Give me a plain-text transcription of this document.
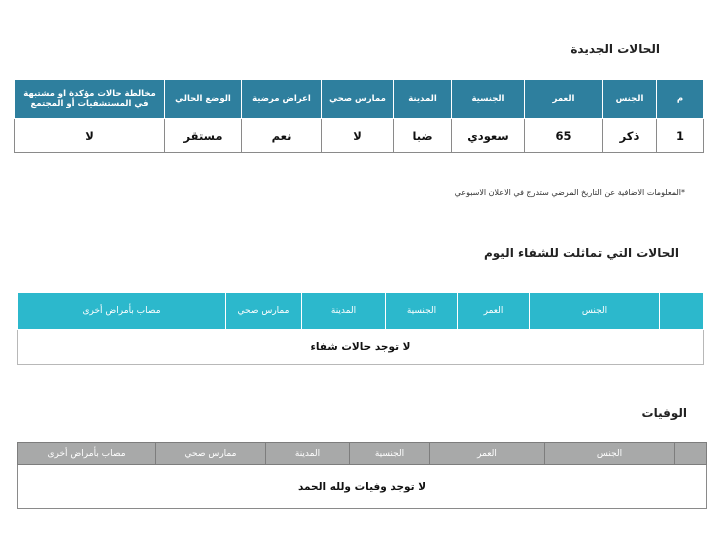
الحالات الجديدة
م	الجنس	العمر	الجنسية	المدينة	ممارس صحي	اعراض مرضية	الوضع الحالي	مخالطة حالات مؤكدة او مشتبهة
في المستشفيات أو المجتمع

1	ذكر	65	سعودي	ضبا	لا	نعم	مستقر	لا
*المعلومات الاضافية عن التاريخ المرضي ستدرج في الاعلان الاسبوعي
الحالات التي تماثلت للشفاء اليوم
	الجنس	العمر	الجنسية	المدينة	ممارس صحي	مصاب بأمراض أخرى
لا توجد حالات شفاء
الوفيات
	الجنس	العمر	الجنسية	المدينة	ممارس صحي	مصاب بأمراض أخرى
لا توجد وفيات ولله الحمد
